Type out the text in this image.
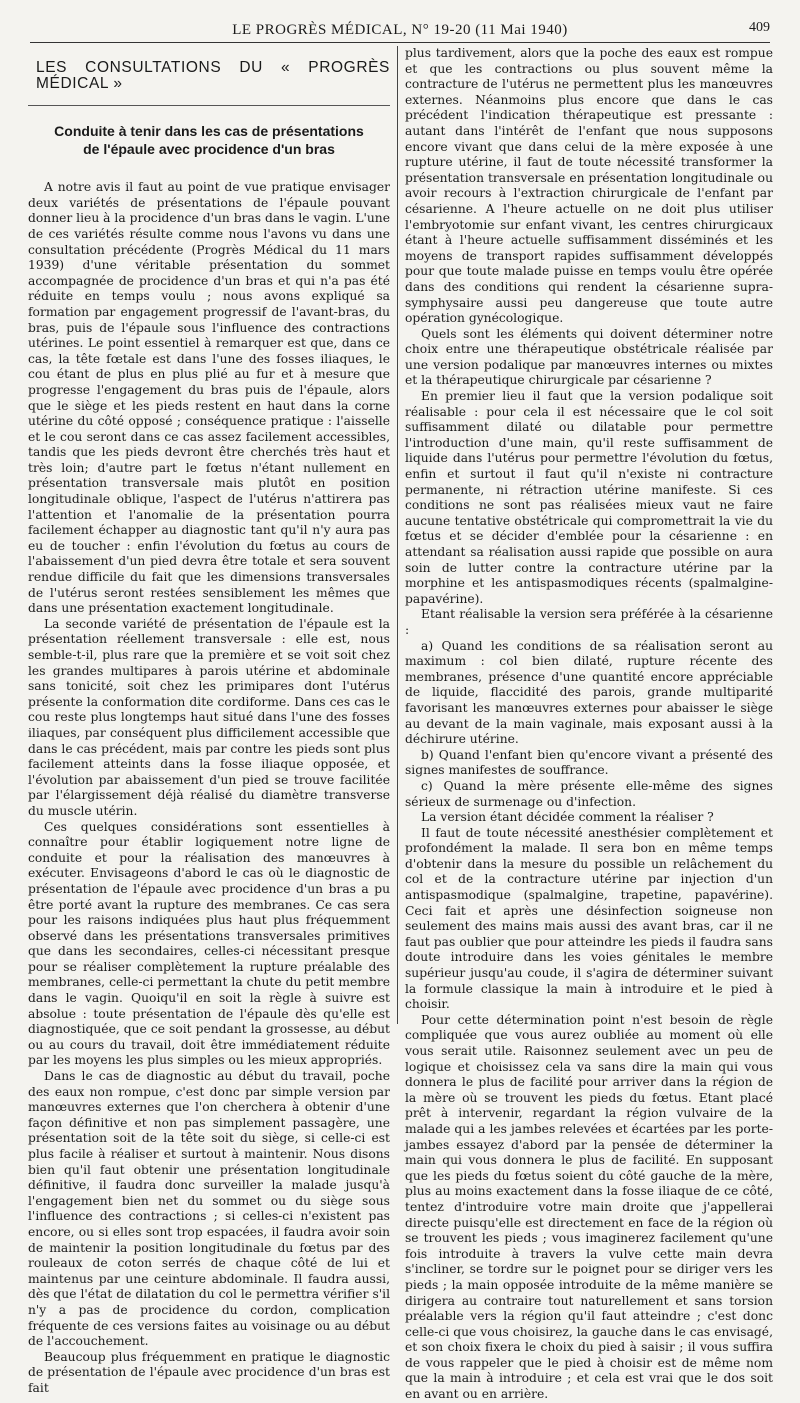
LE PROGRÈS MÉDICAL, N° 19-20 (11 Mai 1940)	409
LES CONSULTATIONS DU « PROGRÈS MÉDICAL »
Conduite à tenir dans les cas de présentations
de l'épaule avec procidence d'un bras

A notre avis il faut au point de vue pratique envisager deux variétés de présentations de l'épaule pouvant donner lieu à la procidence d'un bras dans le vagin. L'une de ces variétés résulte comme nous l'avons vu dans une consultation précédente (Progrès Médical du 11 mars 1939) d'une véritable présentation du sommet accompagnée de procidence d'un bras et qui n'a pas été réduite en temps voulu ; nous avons expliqué sa formation par engagement progressif de l'avant-bras, du bras, puis de l'épaule sous l'influence des contractions utérines. Le point essentiel à remarquer est que, dans ce cas, la tête fœtale est dans l'une des fosses iliaques, le cou étant de plus en plus plié au fur et à mesure que progresse l'engagement du bras puis de l'épaule, alors que le siège et les pieds restent en haut dans la corne utérine du côté opposé ; conséquence pratique : l'aisselle et le cou seront dans ce cas assez facilement accessibles, tandis que les pieds devront être cherchés très haut et très loin; d'autre part le fœtus n'étant nullement en présentation transversale mais plutôt en position longitudinale oblique, l'aspect de l'utérus n'attirera pas l'attention et l'anomalie de la présentation pourra facilement échapper au diagnostic tant qu'il n'y aura pas eu de toucher : enfin l'évolution du fœtus au cours de l'abaissement d'un pied devra être totale et sera souvent rendue difficile du fait que les dimensions transversales de l'utérus seront restées sensiblement les mêmes que dans une présentation exactement longitudinale.

La seconde variété de présentation de l'épaule est la présentation réellement transversale : elle est, nous semble-t-il, plus rare que la première et se voit soit chez les grandes multipares à parois utérine et abdominale sans tonicité, soit chez les primipares dont l'utérus présente la conformation dite cordiforme. Dans ces cas le cou reste plus longtemps haut situé dans l'une des fosses iliaques, par conséquent plus difficilement accessible que dans le cas précédent, mais par contre les pieds sont plus facilement atteints dans la fosse iliaque opposée, et l'évolution par abaissement d'un pied se trouve facilitée par l'élargissement déjà réalisé du diamètre transverse du muscle utérin.

Ces quelques considérations sont essentielles à connaître pour établir logiquement notre ligne de conduite et pour la réalisation des manœuvres à exécuter. Envisageons d'abord le cas où le diagnostic de présentation de l'épaule avec procidence d'un bras a pu être porté avant la rupture des membranes. Ce cas sera pour les raisons indiquées plus haut plus fréquemment observé dans les présentations transversales primitives que dans les secondaires, celles-ci nécessitant presque pour se réaliser complètement la rupture préalable des membranes, celle-ci permettant la chute du petit membre dans le vagin. Quoiqu'il en soit la règle à suivre est absolue : toute présentation de l'épaule dès qu'elle est diagnostiquée, que ce soit pendant la grossesse, au début ou au cours du travail, doit être immédiatement réduite par les moyens les plus simples ou les mieux appropriés.

Dans le cas de diagnostic au début du travail, poche des eaux non rompue, c'est donc par simple version par manœuvres externes que l'on cherchera à obtenir d'une façon définitive et non pas simplement passagère, une présentation soit de la tête soit du siège, si celle-ci est plus facile à réaliser et surtout à maintenir. Nous disons bien qu'il faut obtenir une présentation longitudinale définitive, il faudra donc surveiller la malade jusqu'à l'engagement bien net du sommet ou du siège sous l'influence des contractions ; si celles-ci n'existent pas encore, ou si elles sont trop espacées, il faudra avoir soin de maintenir la position longitudinale du fœtus par des rouleaux de coton serrés de chaque côté de lui et maintenus par une ceinture abdominale. Il faudra aussi, dès que l'état de dilatation du col le permettra vérifier s'il n'y a pas de procidence du cordon, complication fréquente de ces versions faites au voisinage ou au début de l'accouchement.

Beaucoup plus fréquemment en pratique le diagnostic de présentation de l'épaule avec procidence d'un bras est fait

plus tardivement, alors que la poche des eaux est rompue et que les contractions ou plus souvent même la contracture de l'utérus ne permettent plus les manœuvres externes. Néanmoins plus encore que dans le cas précédent l'indication thérapeutique est pressante : autant dans l'intérêt de l'enfant que nous supposons encore vivant que dans celui de la mère exposée à une rupture utérine, il faut de toute nécessité transformer la présentation transversale en présentation longitudinale ou avoir recours à l'extraction chirurgicale de l'enfant par césarienne. A l'heure actuelle on ne doit plus utiliser l'embryotomie sur enfant vivant, les centres chirurgicaux étant à l'heure actuelle suffisamment disséminés et les moyens de transport rapides suffisamment développés pour que toute malade puisse en temps voulu être opérée dans des conditions qui rendent la césarienne supra-symphysaire aussi peu dangereuse que toute autre opération gynécologique.

Quels sont les éléments qui doivent déterminer notre choix entre une thérapeutique obstétricale réalisée par une version podalique par manœuvres internes ou mixtes et la thérapeutique chirurgicale par césarienne ?

En premier lieu il faut que la version podalique soit réalisable : pour cela il est nécessaire que le col soit suffisamment dilaté ou dilatable pour permettre l'introduction d'une main, qu'il reste suffisamment de liquide dans l'utérus pour permettre l'évolution du fœtus, enfin et surtout il faut qu'il n'existe ni contracture permanente, ni rétraction utérine manifeste. Si ces conditions ne sont pas réalisées mieux vaut ne faire aucune tentative obstétricale qui compromettrait la vie du fœtus et se décider d'emblée pour la césarienne : en attendant sa réalisation aussi rapide que possible on aura soin de lutter contre la contracture utérine par la morphine et les antispasmodiques récents (spalmalgine-papavérine).

Etant réalisable la version sera préférée à la césarienne :

a) Quand les conditions de sa réalisation seront au maximum : col bien dilaté, rupture récente des membranes, présence d'une quantité encore appréciable de liquide, flaccidité des parois, grande multiparité favorisant les manœuvres externes pour abaisser le siège au devant de la main vaginale, mais exposant aussi à la déchirure utérine.

b) Quand l'enfant bien qu'encore vivant a présenté des signes manifestes de souffrance.

c) Quand la mère présente elle-même des signes sérieux de surmenage ou d'infection.

La version étant décidée comment la réaliser ?

Il faut de toute nécessité anesthésier complètement et profondément la malade. Il sera bon en même temps d'obtenir dans la mesure du possible un relâchement du col et de la contracture utérine par injection d'un antispasmodique (spalmalgine, trapetine, papavérine). Ceci fait et après une désinfection soigneuse non seulement des mains mais aussi des avant bras, car il ne faut pas oublier que pour atteindre les pieds il faudra sans doute introduire dans les voies génitales le membre supérieur jusqu'au coude, il s'agira de déterminer suivant la formule classique la main à introduire et le pied à choisir.

Pour cette détermination point n'est besoin de règle compliquée que vous aurez oubliée au moment où elle vous serait utile. Raisonnez seulement avec un peu de logique et choisissez cela va sans dire la main qui vous donnera le plus de facilité pour arriver dans la région de la mère où se trouvent les pieds du fœtus. Etant placé prêt à intervenir, regardant la région vulvaire de la malade qui a les jambes relevées et écartées par les porte-jambes essayez d'abord par la pensée de déterminer la main qui vous donnera le plus de facilité. En supposant que les pieds du fœtus soient du côté gauche de la mère, plus au moins exactement dans la fosse iliaque de ce côté, tentez d'introduire votre main droite que j'appellerai directe puisqu'elle est directement en face de la région où se trouvent les pieds ; vous imaginerez facilement qu'une fois introduite à travers la vulve cette main devra s'incliner, se tordre sur le poignet pour se diriger vers les pieds ; la main opposée introduite de la même manière se dirigera au contraire tout naturellement et sans torsion préalable vers la région qu'il faut atteindre ; c'est donc celle-ci que vous choisirez, la gauche dans le cas envisagé, et son choix fixera le choix du pied à saisir ; il vous suffira de vous rappeler que le pied à choisir est de même nom que la main à introduire ; et cela est vrai que le dos soit en avant ou en arrière.
